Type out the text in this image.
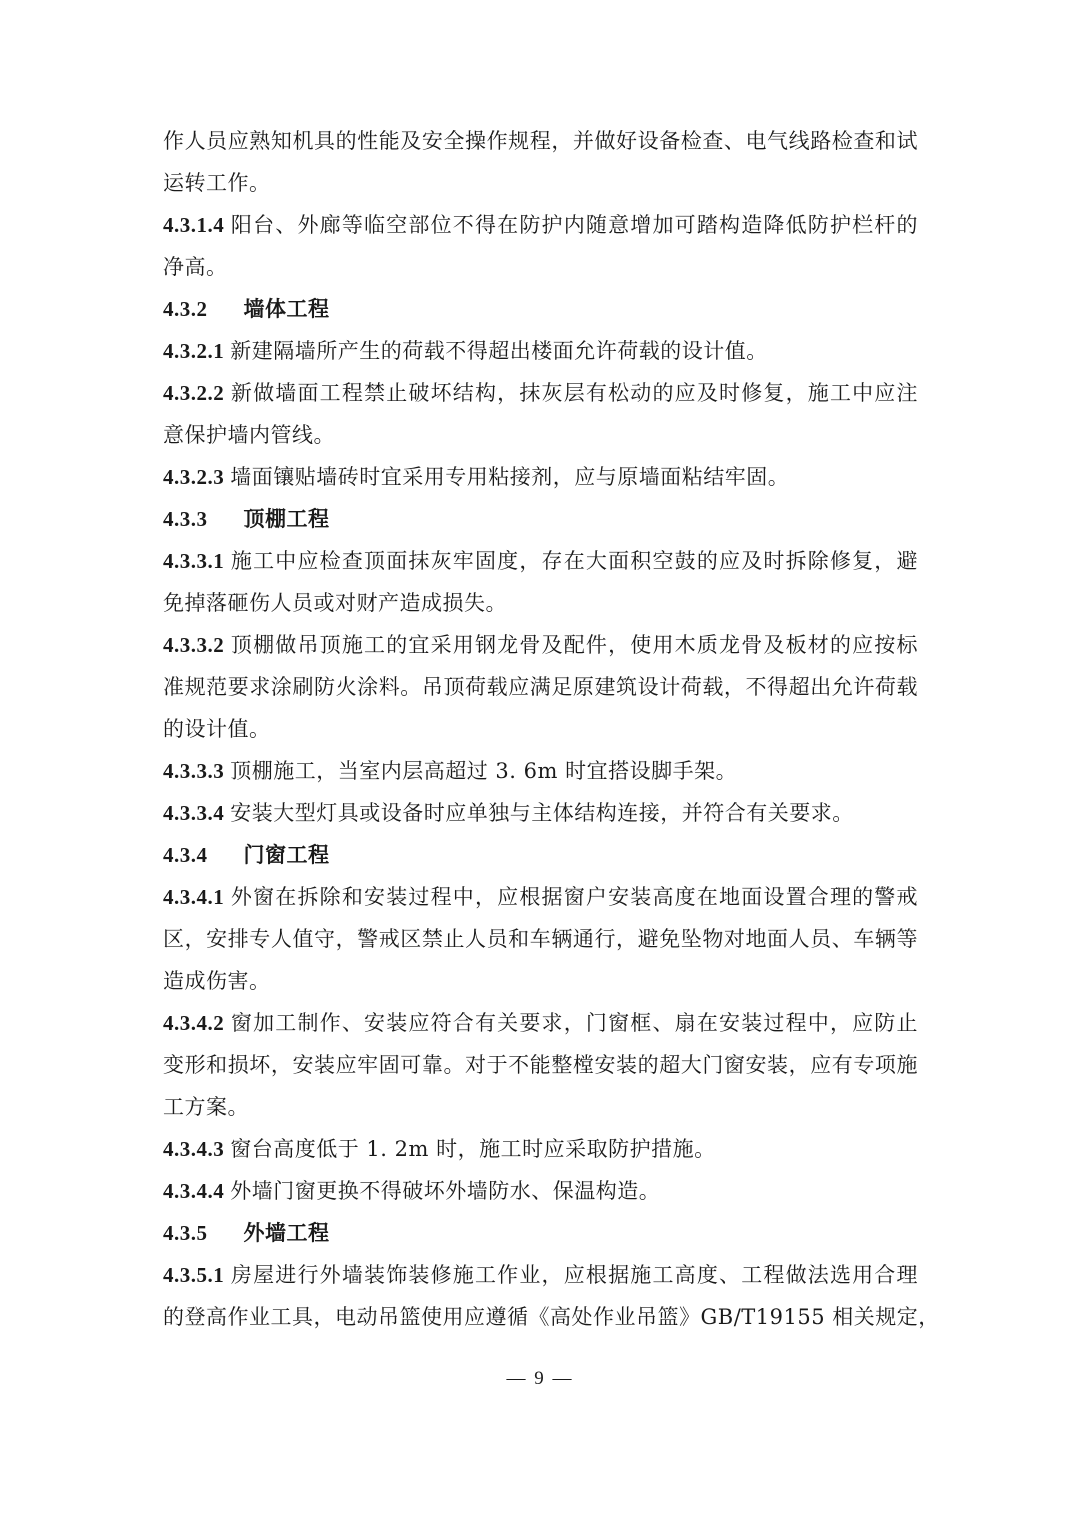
作人员应熟知机具的性能及安全操作规程，并做好设备检查、电气线路检查和试
运转工作。
4.3.1.4 阳台、外廊等临空部位不得在防护内随意增加可踏构造降低防护栏杆的
净高。
4.3.2 墙体工程
4.3.2.1 新建隔墙所产生的荷载不得超出楼面允许荷载的设计值。
4.3.2.2 新做墙面工程禁止破坏结构，抹灰层有松动的应及时修复，施工中应注
意保护墙内管线。
4.3.2.3 墙面镶贴墙砖时宜采用专用粘接剂，应与原墙面粘结牢固。
4.3.3 顶棚工程
4.3.3.1 施工中应检查顶面抹灰牢固度，存在大面积空鼓的应及时拆除修复，避
免掉落砸伤人员或对财产造成损失。
4.3.3.2 顶棚做吊顶施工的宜采用钢龙骨及配件，使用木质龙骨及板材的应按标
准规范要求涂刷防火涂料。吊顶荷载应满足原建筑设计荷载，不得超出允许荷载
的设计值。
4.3.3.3 顶棚施工，当室内层高超过 3. 6m 时宜搭设脚手架。
4.3.3.4 安装大型灯具或设备时应单独与主体结构连接，并符合有关要求。
4.3.4 门窗工程
4.3.4.1 外窗在拆除和安装过程中，应根据窗户安装高度在地面设置合理的警戒
区，安排专人值守，警戒区禁止人员和车辆通行，避免坠物对地面人员、车辆等
造成伤害。
4.3.4.2 窗加工制作、安装应符合有关要求，门窗框、扇在安装过程中，应防止
变形和损坏，安装应牢固可靠。对于不能整樘安装的超大门窗安装，应有专项施
工方案。
4.3.4.3 窗台高度低于 1. 2m 时，施工时应采取防护措施。
4.3.4.4 外墙门窗更换不得破坏外墙防水、保温构造。
4.3.5 外墙工程
4.3.5.1 房屋进行外墙装饰装修施工作业，应根据施工高度、工程做法选用合理
的登高作业工具，电动吊篮使用应遵循《高处作业吊篮》GB/T19155 相关规定，
— 9 —
